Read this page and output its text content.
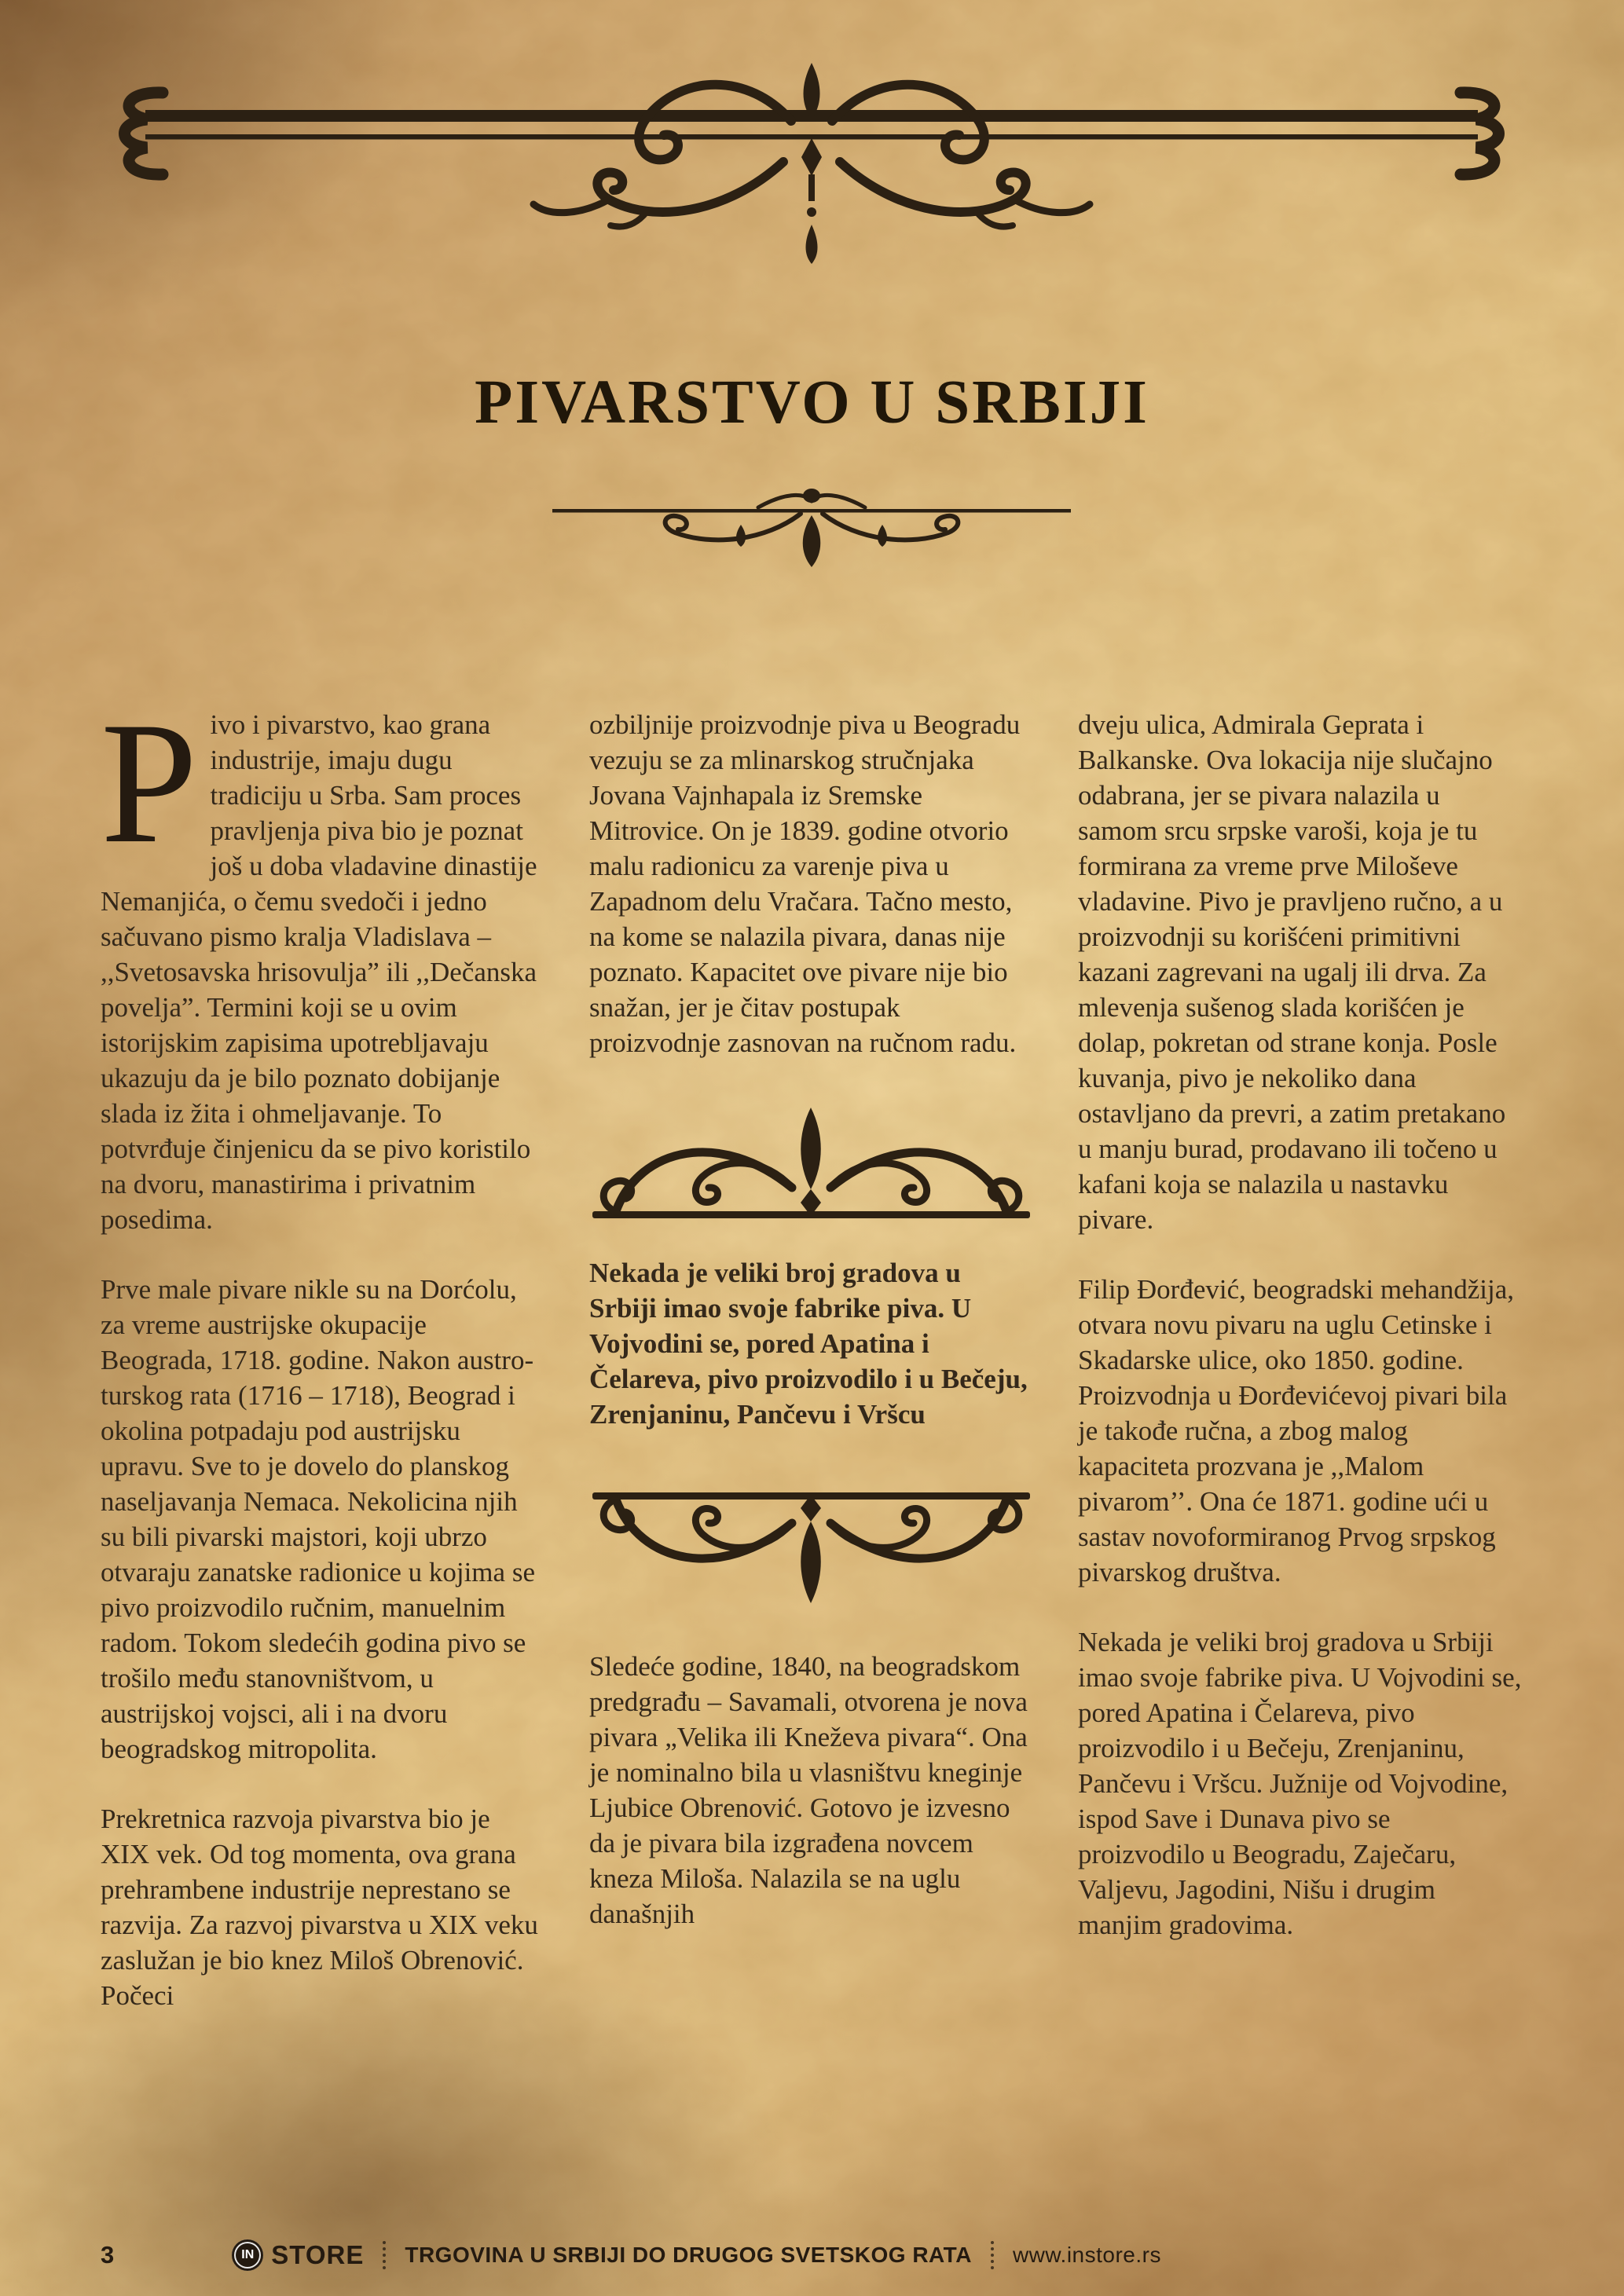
PIVARSTVO U SRBIJI

Pivo i pivarstvo, kao grana industrije, imaju dugu tradiciju u Srba. Sam proces pravljenja piva bio je poznat još u doba vladavine dinastije Nemanjića, o čemu svedoči i jedno sačuvano pismo kralja Vladislava – ,,Svetosavska hrisovulja” ili ,,Dečanska povelja”. Termini koji se u ovim istorijskim zapisima upotrebljavaju ukazuju da je bilo poznato dobijanje slada iz žita i ohmeljavanje. To potvrđuje činjenicu da se pivo koristilo na dvoru, manastirima i privatnim posedima.

Prve male pivare nikle su na Dorćolu, za vreme austrijske okupacije Beograda, 1718. godine. Nakon austro-turskog rata (1716 – 1718), Beograd i okolina potpadaju pod austrijsku upravu. Sve to je dovelo do planskog naseljavanja Nemaca. Nekolicina njih su bili pivarski majstori, koji ubrzo otvaraju zanatske radionice u kojima se pivo proizvodilo ručnim, manuelnim radom. Tokom sledećih godina pivo se trošilo među stanovništvom, u austrijskoj vojsci, ali i na dvoru beogradskog mitropolita.

Prekretnica razvoja pivarstva bio je XIX vek. Od tog momenta, ova grana prehrambene industrije neprestano se razvija. Za razvoj pivarstva u XIX veku zaslužan je bio knez Miloš Obrenović. Počeci

ozbiljnije proizvodnje piva u Beogradu vezuju se za mlinarskog stručnjaka Jovana Vajnhapala iz Sremske Mitrovice. On je 1839. godine otvorio malu radionicu za varenje piva u Zapadnom delu Vračara. Tačno mesto, na kome se nalazila pivara, danas nije poznato. Kapacitet ove pivare nije bio snažan, jer je čitav postupak proizvodnje zasnovan na ručnom radu.

Nekada je veliki broj gradova u Srbiji imao svoje fabrike piva. U Vojvodini se, pored Apatina i Čelareva, pivo proizvodilo i u Bečeju, Zrenjaninu, Pančevu i Vršcu

Sledeće godine, 1840, na beogradskom predgrađu – Savamali, otvorena je nova pivara „Velika ili Kneževa pivara“. Ona je nominalno bila u vlasništvu kneginje Ljubice Obrenović. Gotovo je izvesno da je pivara bila izgrađena novcem kneza Miloša. Nalazila se na uglu današnjih

dveju ulica, Admirala Geprata i Balkanske. Ova lokacija nije slučajno odabrana, jer se pivara nalazila u samom srcu srpske varoši, koja je tu formirana za vreme prve Miloševe vladavine. Pivo je pravljeno ručno, a u proizvodnji su korišćeni primitivni kazani zagrevani na ugalj ili drva. Za mlevenja sušenog slada korišćen je dolap, pokretan od strane konja. Posle kuvanja, pivo je nekoliko dana ostavljano da prevri, a zatim pretakano u manju burad, prodavano ili točeno u kafani koja se nalazila u nastavku pivare.

Filip Đorđević, beogradski mehandžija, otvara novu pivaru na uglu Cetinske i Skadarske ulice, oko 1850. godine. Proizvodnja u Đorđevićevoj pivari bila je takođe ručna, a zbog malog kapaciteta prozvana je ,,Malom pivarom’’. Ona će 1871. godine ući u sastav novoformiranog Prvog srpskog pivarskog društva.

Nekada je veliki broj gradova u Srbiji imao svoje fabrike piva. U Vojvodini se, pored Apatina i Čelareva, pivo proizvodilo i u Bečeju, Zrenjaninu, Pančevu i Vršcu. Južnije od Vojvodine, ispod Save i Dunava pivo se proizvodilo u Beogradu, Zaječaru, Valjevu, Jagodini, Nišu i drugim manjim gradovima.

3	IN STORE TRGOVINA U SRBIJI DO DRUGOG SVETSKOG RATA www.instore.rs
